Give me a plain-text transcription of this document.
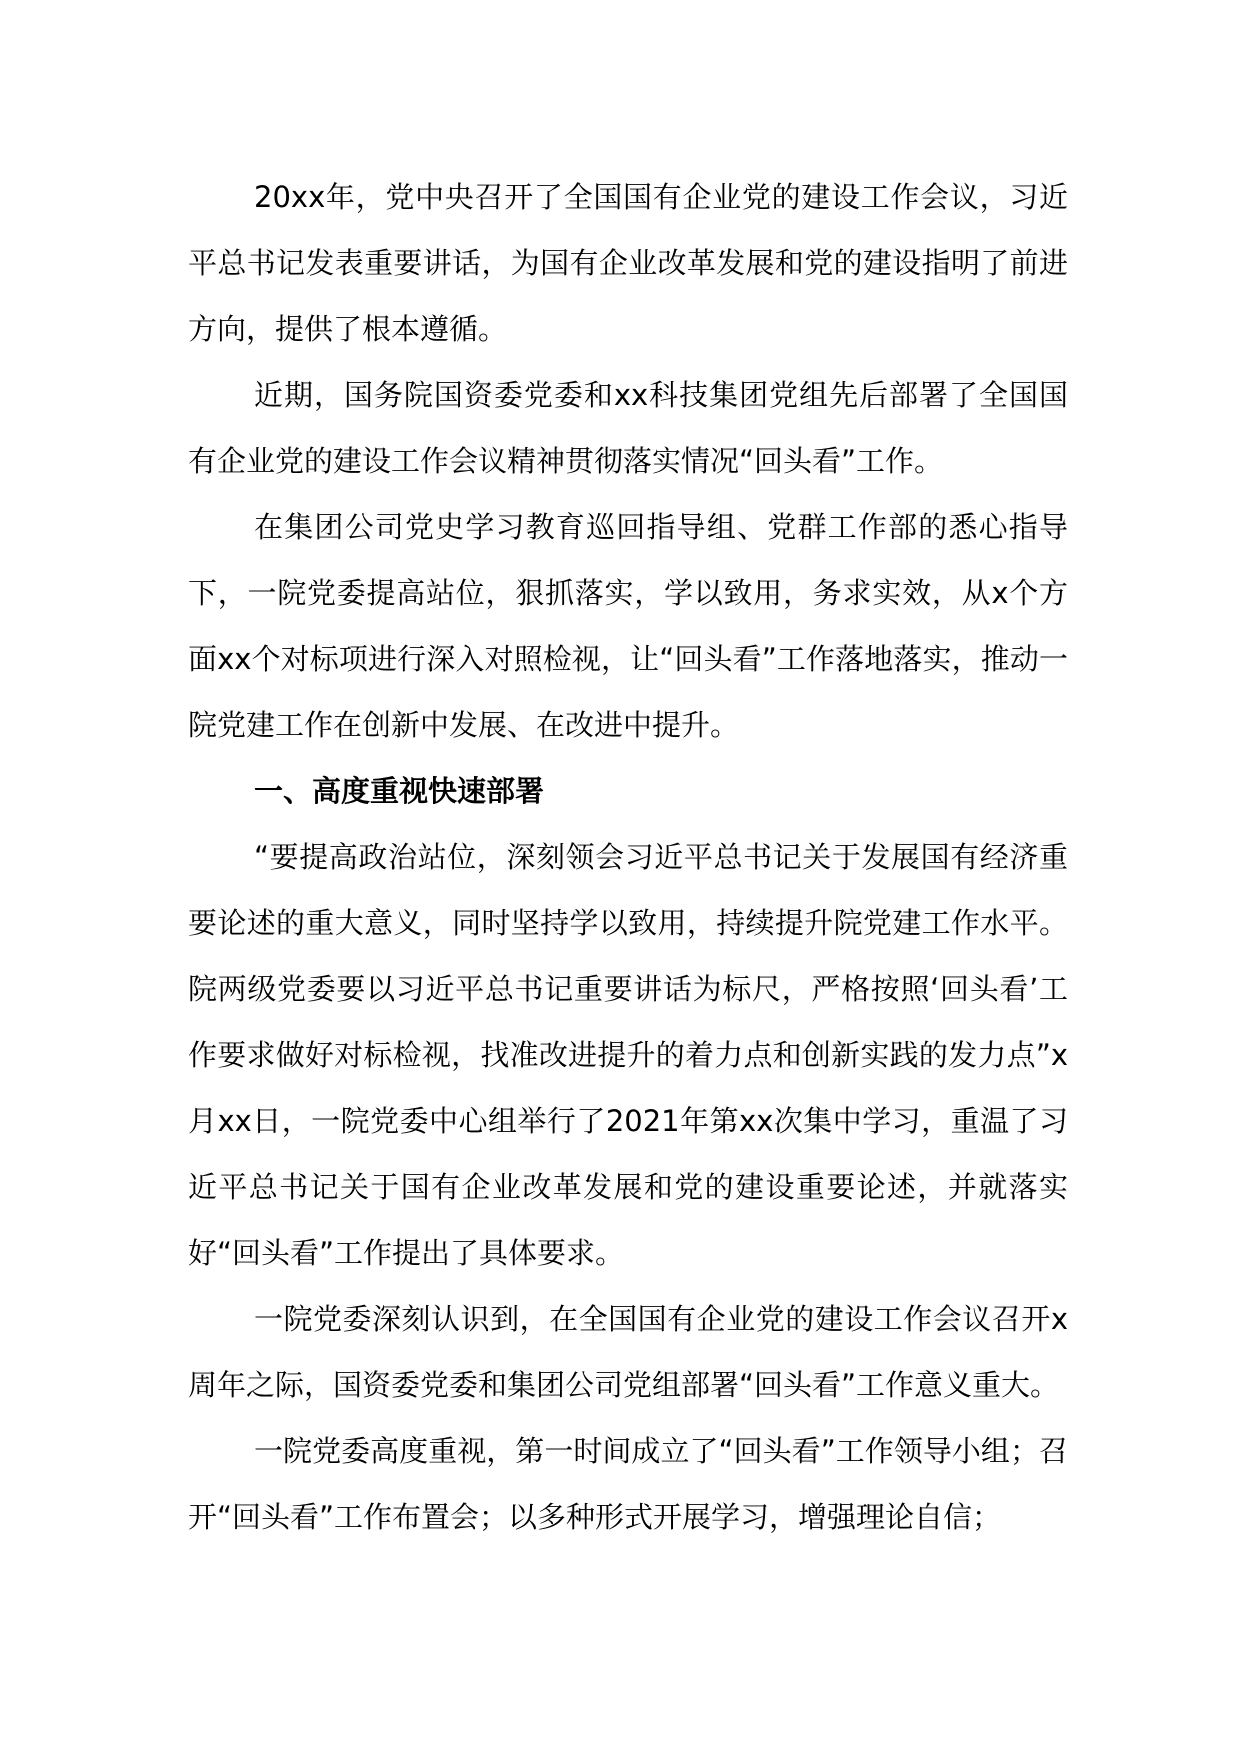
20xx年，党中央召开了全国国有企业党的建设工作会议，习近平总书记发表重要讲话，为国有企业改革发展和党的建设指明了前进方向，提供了根本遵循。

近期，国务院国资委党委和xx科技集团党组先后部署了全国国有企业党的建设工作会议精神贯彻落实情况“回头看”工作。

在集团公司党史学习教育巡回指导组、党群工作部的悉心指导下，一院党委提高站位，狠抓落实，学以致用，务求实效，从x个方面xx个对标项进行深入对照检视，让“回头看”工作落地落实，推动一院党建工作在创新中发展、在改进中提升。

一、高度重视快速部署

“要提高政治站位，深刻领会习近平总书记关于发展国有经济重要论述的重大意义，同时坚持学以致用，持续提升院党建工作水平。院两级党委要以习近平总书记重要讲话为标尺，严格按照‘回头看’工作要求做好对标检视，找准改进提升的着力点和创新实践的发力点”x月xx日，一院党委中心组举行了2021年第xx次集中学习，重温了习近平总书记关于国有企业改革发展和党的建设重要论述，并就落实好“回头看”工作提出了具体要求。

一院党委深刻认识到，在全国国有企业党的建设工作会议召开x周年之际，国资委党委和集团公司党组部署“回头看”工作意义重大。

一院党委高度重视，第一时间成立了“回头看”工作领导小组；召开“回头看”工作布置会；以多种形式开展学习，增强理论自信；
